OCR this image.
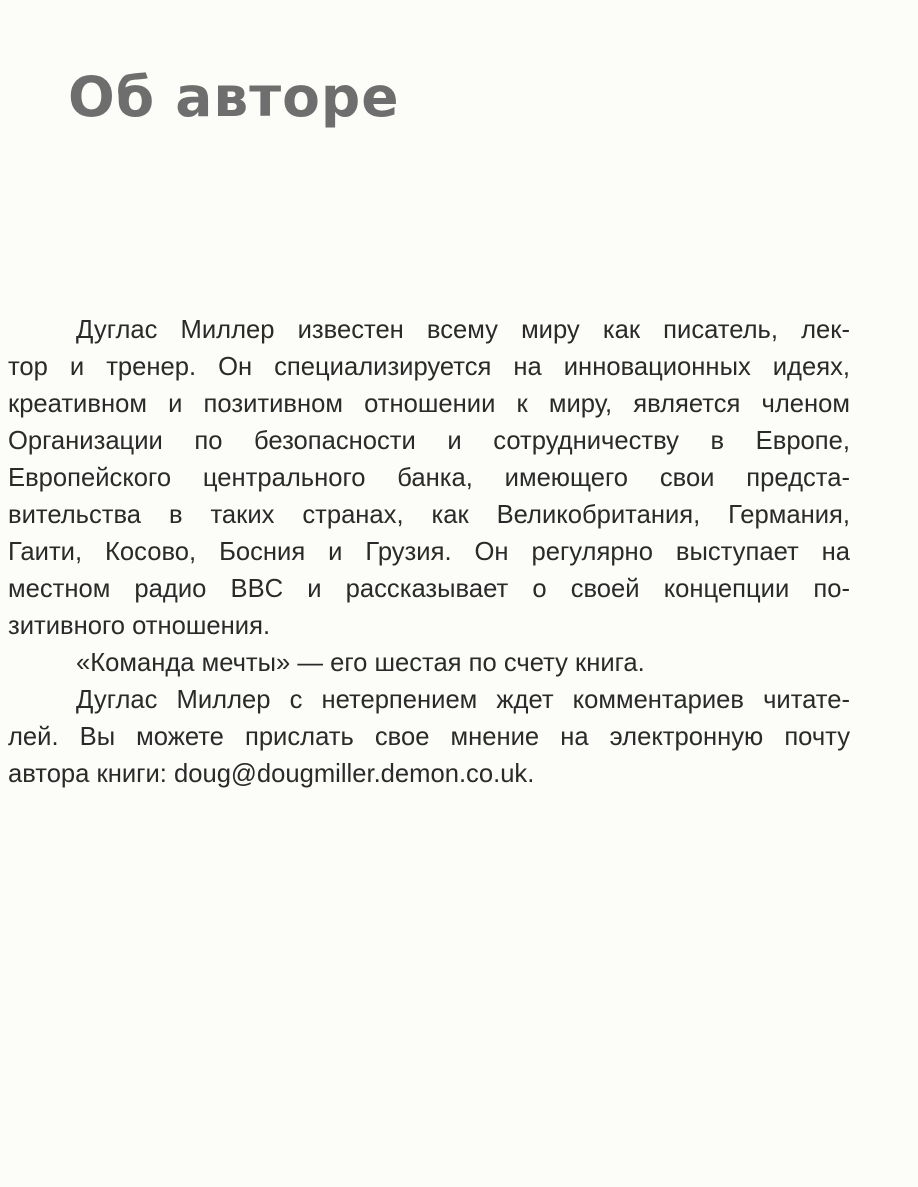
Об авторе
Дуглас Миллер известен всему миру как писатель, лек-
тор и тренер. Он специализируется на инновационных идеях,
креативном и позитивном отношении к миру, является членом
Организации по безопасности и сотрудничеству в Европе,
Европейского центрального банка, имеющего свои предста-
вительства в таких странах, как Великобритания, Германия,
Гаити, Косово, Босния и Грузия. Он регулярно выступает на
местном радио BBC и рассказывает о своей концепции по-
зитивного отношения.
«Команда мечты» — его шестая по счету книга.
Дуглас Миллер с нетерпением ждет комментариев читате-
лей. Вы можете прислать свое мнение на электронную почту
автора книги: doug@dougmiller.demon.co.uk.
